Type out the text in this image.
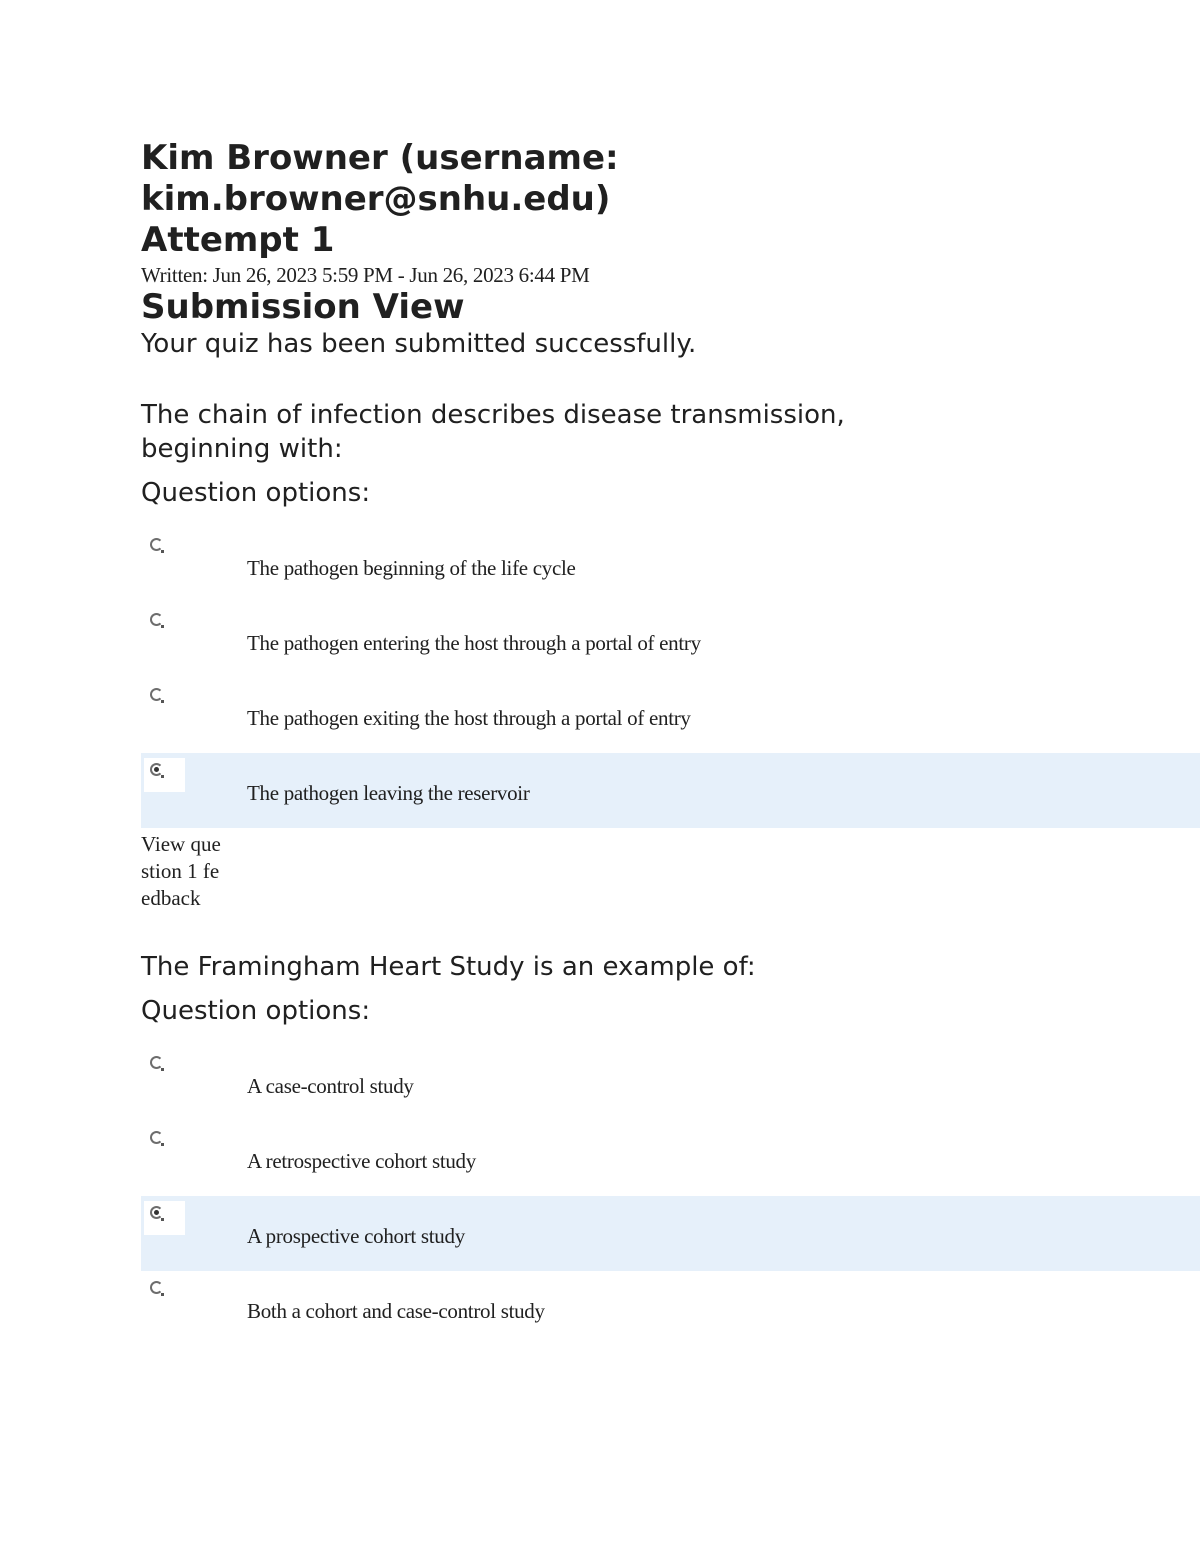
Kim Browner (username:

kim.browner@snhu.edu)

Attempt 1

Written: Jun 26, 2023 5:59 PM - Jun 26, 2023 6:44 PM

Submission View

Your quiz has been submitted successfully.

The chain of infection describes disease transmission, beginning with:

Question options:

The pathogen beginning of the life cycle
The pathogen entering the host through a portal of entry
The pathogen exiting the host through a portal of entry
The pathogen leaving the reservoir

View question 1 feedback

The Framingham Heart Study is an example of:

Question options:

A case-control study
A retrospective cohort study
A prospective cohort study
Both a cohort and case-control study
